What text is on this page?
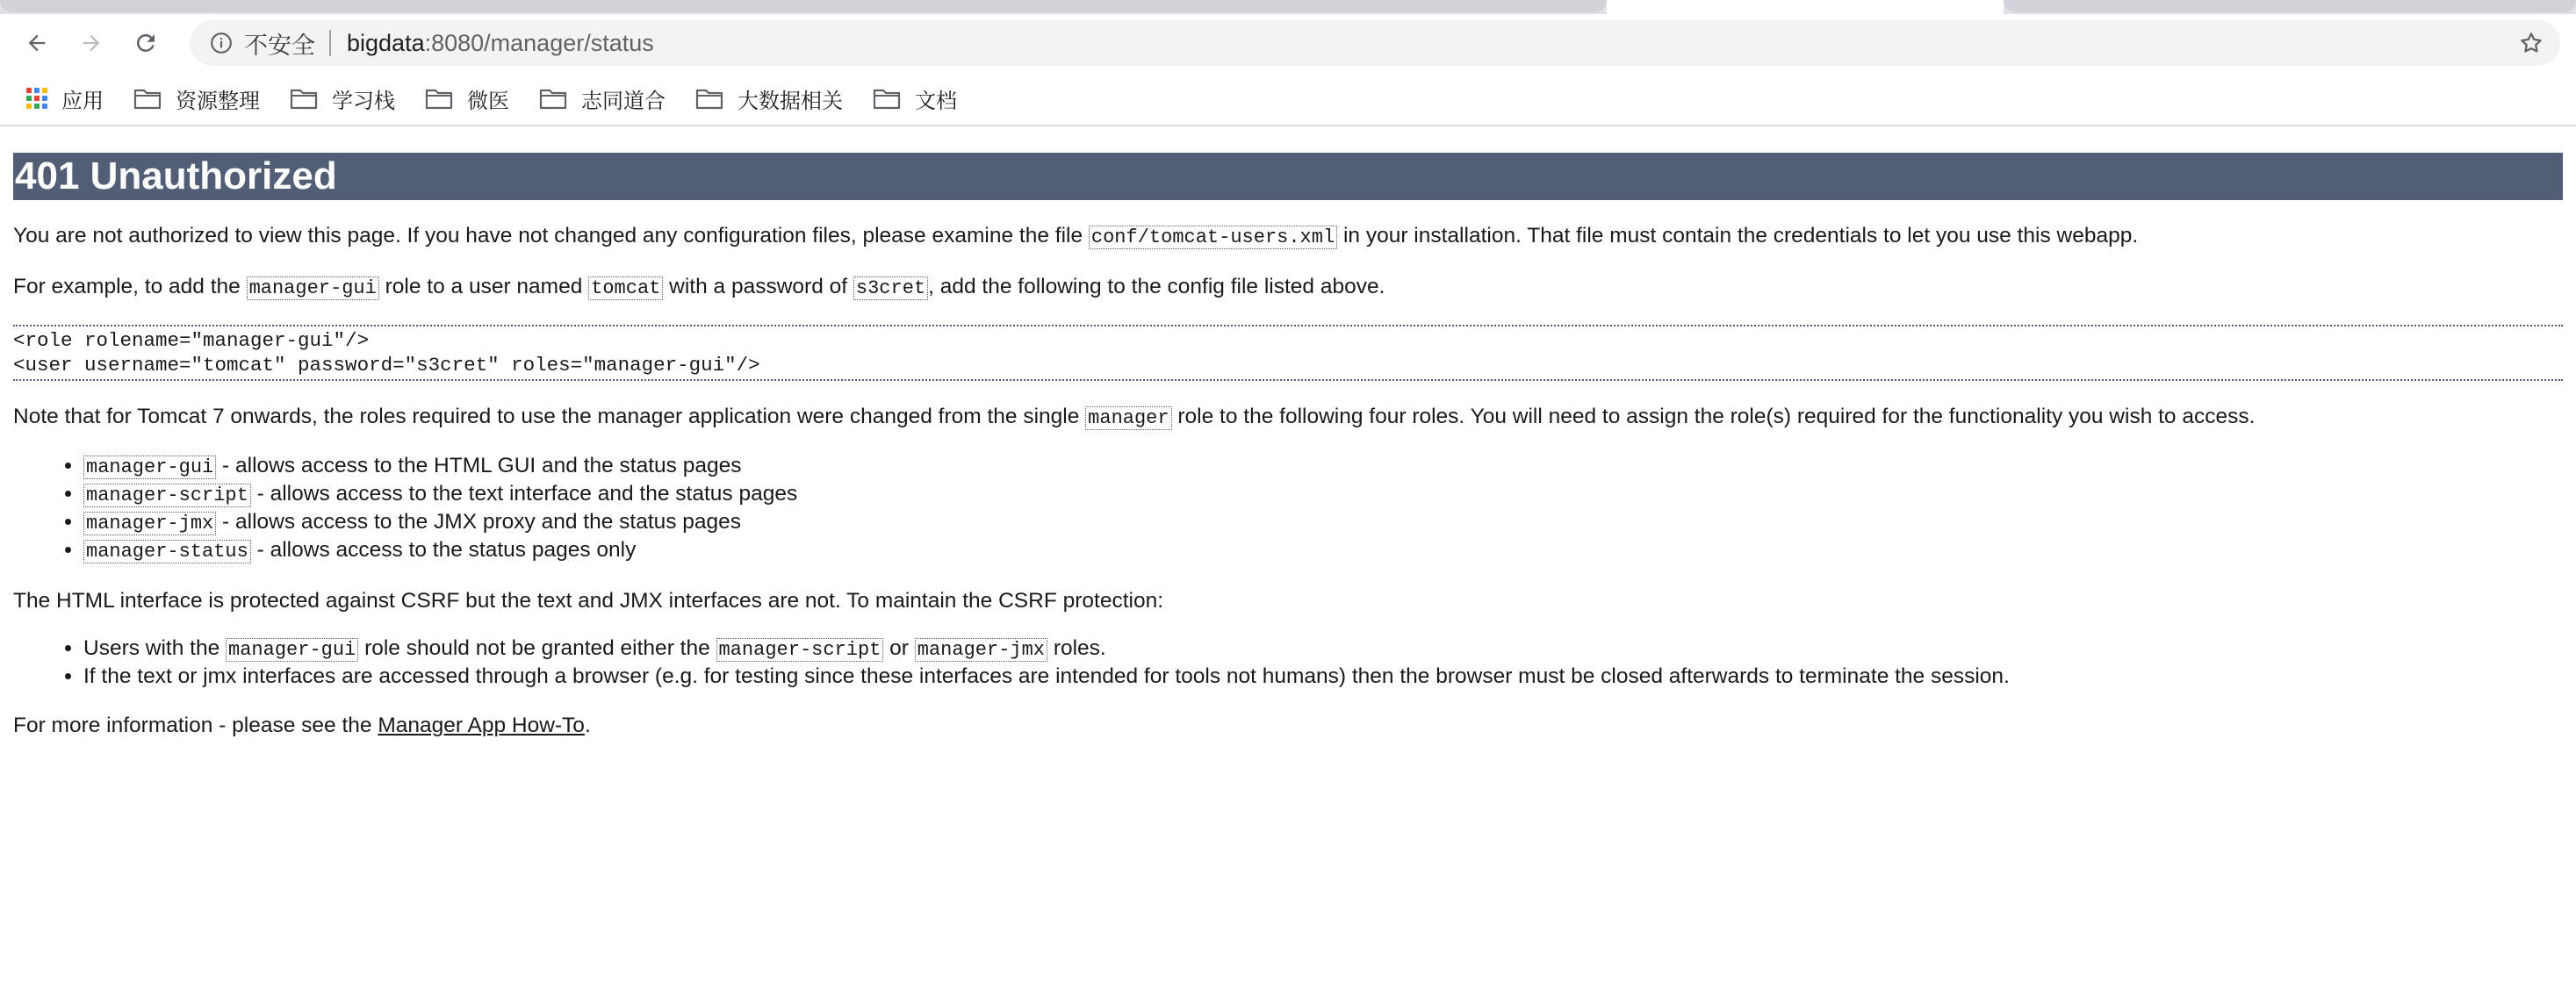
不安全 bigdata:8080/manager/status
应用	资源整理	学习栈	微医	志同道合	大数据相关	文档
401 Unauthorized

You are not authorized to view this page. If you have not changed any configuration files, please examine the file conf/tomcat-users.xml in your installation. That file must contain the credentials to let you use this webapp.

For example, to add the manager-gui role to a user named tomcat with a password of s3cret , add the following to the config file listed above.

<role rolename="manager-gui"/>
<user username="tomcat" password="s3cret" roles="manager-gui"/>

Note that for Tomcat 7 onwards, the roles required to use the manager application were changed from the single manager role to the following four roles. You will need to assign the role(s) required for the functionality you wish to access.

• manager-gui - allows access to the HTML GUI and the status pages
• manager-script - allows access to the text interface and the status pages
• manager-jmx - allows access to the JMX proxy and the status pages
• manager-status - allows access to the status pages only

The HTML interface is protected against CSRF but the text and JMX interfaces are not. To maintain the CSRF protection:

• Users with the manager-gui role should not be granted either the manager-script or manager-jmx roles.
• If the text or jmx interfaces are accessed through a browser (e.g. for testing since these interfaces are intended for tools not humans) then the browser must be closed afterwards to terminate the session.

For more information - please see the Manager App How-To.
